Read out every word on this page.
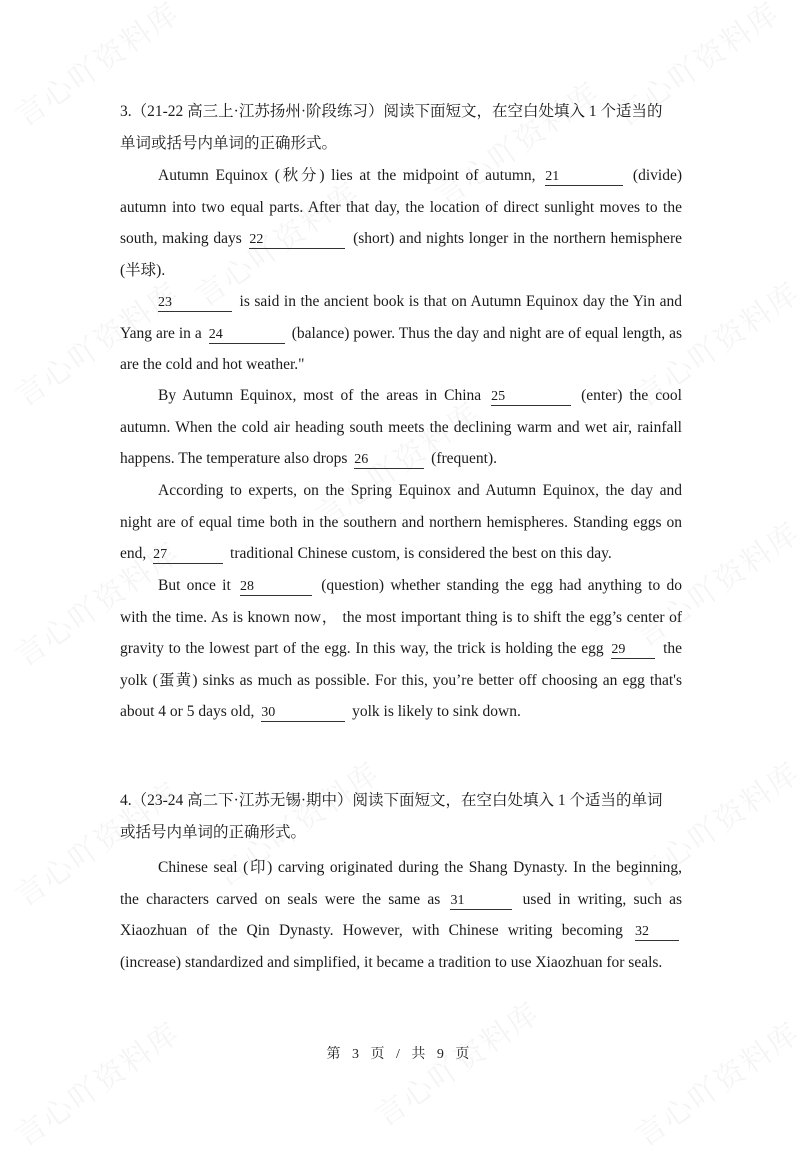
3.（21-22 高三上·江苏扬州·阶段练习）阅读下面短文，在空白处填入 1 个适当的
单词或括号内单词的正确形式。
Autumn Equinox (秋分) lies at the midpoint of autumn, 21	(divide) autumn into two equal parts. After that day, the location of direct sunlight moves to the south, making days 22	(short) and nights longer in the northern hemisphere (半球).
23	is said in the ancient book is that on Autumn Equinox day the Yin and Yang are in a 24	(balance) power. Thus the day and night are of equal length, as are the cold and hot weather."
By Autumn Equinox, most of the areas in China 25	(enter) the cool autumn. When the cold air heading south meets the declining warm and wet air, rainfall happens. The temperature also drops 26	(frequent).
According to experts, on the Spring Equinox and Autumn Equinox, the day and night are of equal time both in the southern and northern hemispheres. Standing eggs on end, 27	traditional Chinese custom, is considered the best on this day.
But once it 28	(question) whether standing the egg had anything to do with the time. As is known now， the most important thing is to shift the egg’s center of gravity to the lowest part of the egg. In this way, the trick is holding the egg 29 the yolk (蛋黄) sinks as much as possible. For this, you’re better off choosing an egg that's about 4 or 5 days old, 30	yolk is likely to sink down.
4.（23-24 高二下·江苏无锡·期中）阅读下面短文，在空白处填入 1 个适当的单词
或括号内单词的正确形式。
Chinese seal (印) carving originated during the Shang Dynasty. In the beginning, the characters carved on seals were the same as 31	used in writing, such as Xiaozhuan of the Qin Dynasty. However, with Chinese writing becoming 32 (increase) standardized and simplified, it became a tradition to use Xiaozhuan for seals.
第 3 页 / 共 9 页
